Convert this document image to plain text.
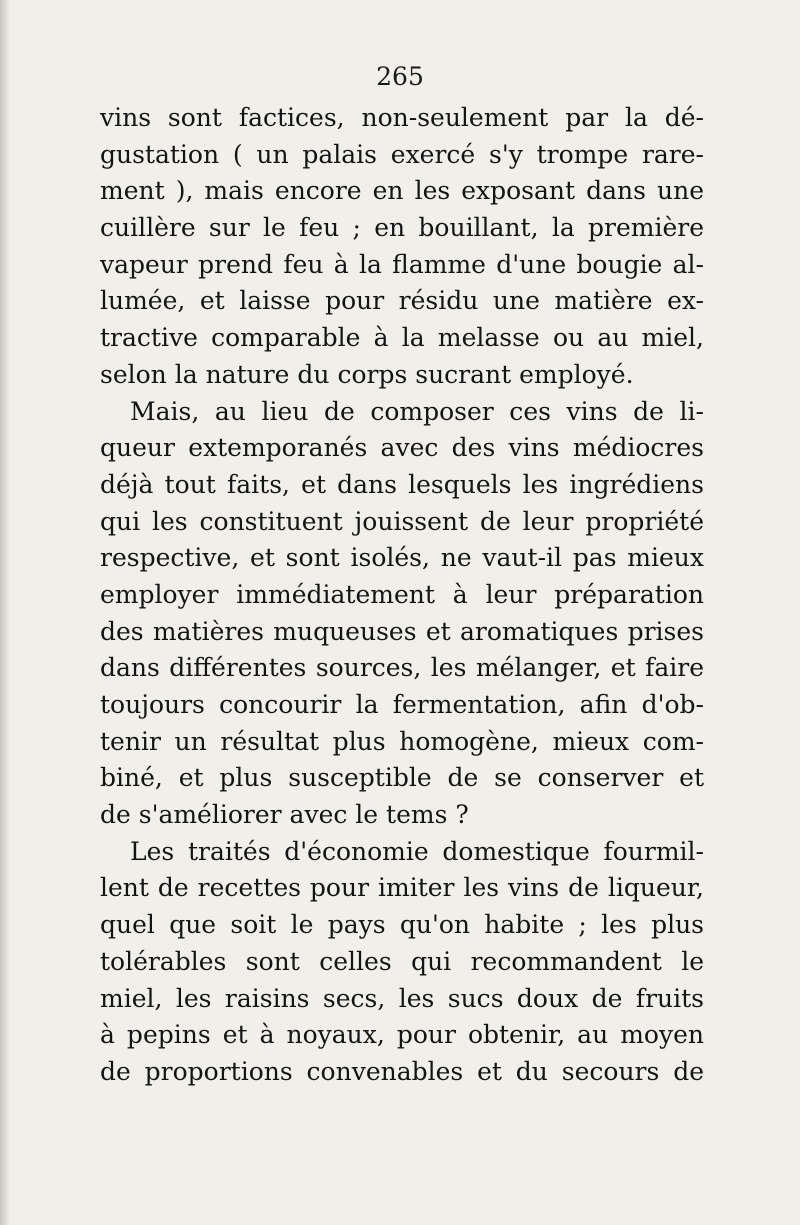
265
vins sont factices, non-seulement par la dé-
gustation ( un palais exercé s'y trompe rare-
ment ), mais encore en les exposant dans une
cuillère sur le feu ; en bouillant, la première
vapeur prend feu à la flamme d'une bougie al-
lumée, et laisse pour résidu une matière ex-
tractive comparable à la melasse ou au miel,
selon la nature du corps sucrant employé.
Mais, au lieu de composer ces vins de li-
queur extemporanés avec des vins médiocres
déjà tout faits, et dans lesquels les ingrédiens
qui les constituent jouissent de leur propriété
respective, et sont isolés, ne vaut-il pas mieux
employer immédiatement à leur préparation
des matières muqueuses et aromatiques prises
dans différentes sources, les mélanger, et faire
toujours concourir la fermentation, afin d'ob-
tenir un résultat plus homogène, mieux com-
biné, et plus susceptible de se conserver et
de s'améliorer avec le tems ?
Les traités d'économie domestique fourmil-
lent de recettes pour imiter les vins de liqueur,
quel que soit le pays qu'on habite ; les plus
tolérables sont celles qui recommandent le
miel, les raisins secs, les sucs doux de fruits
à pepins et à noyaux, pour obtenir, au moyen
de proportions convenables et du secours de
